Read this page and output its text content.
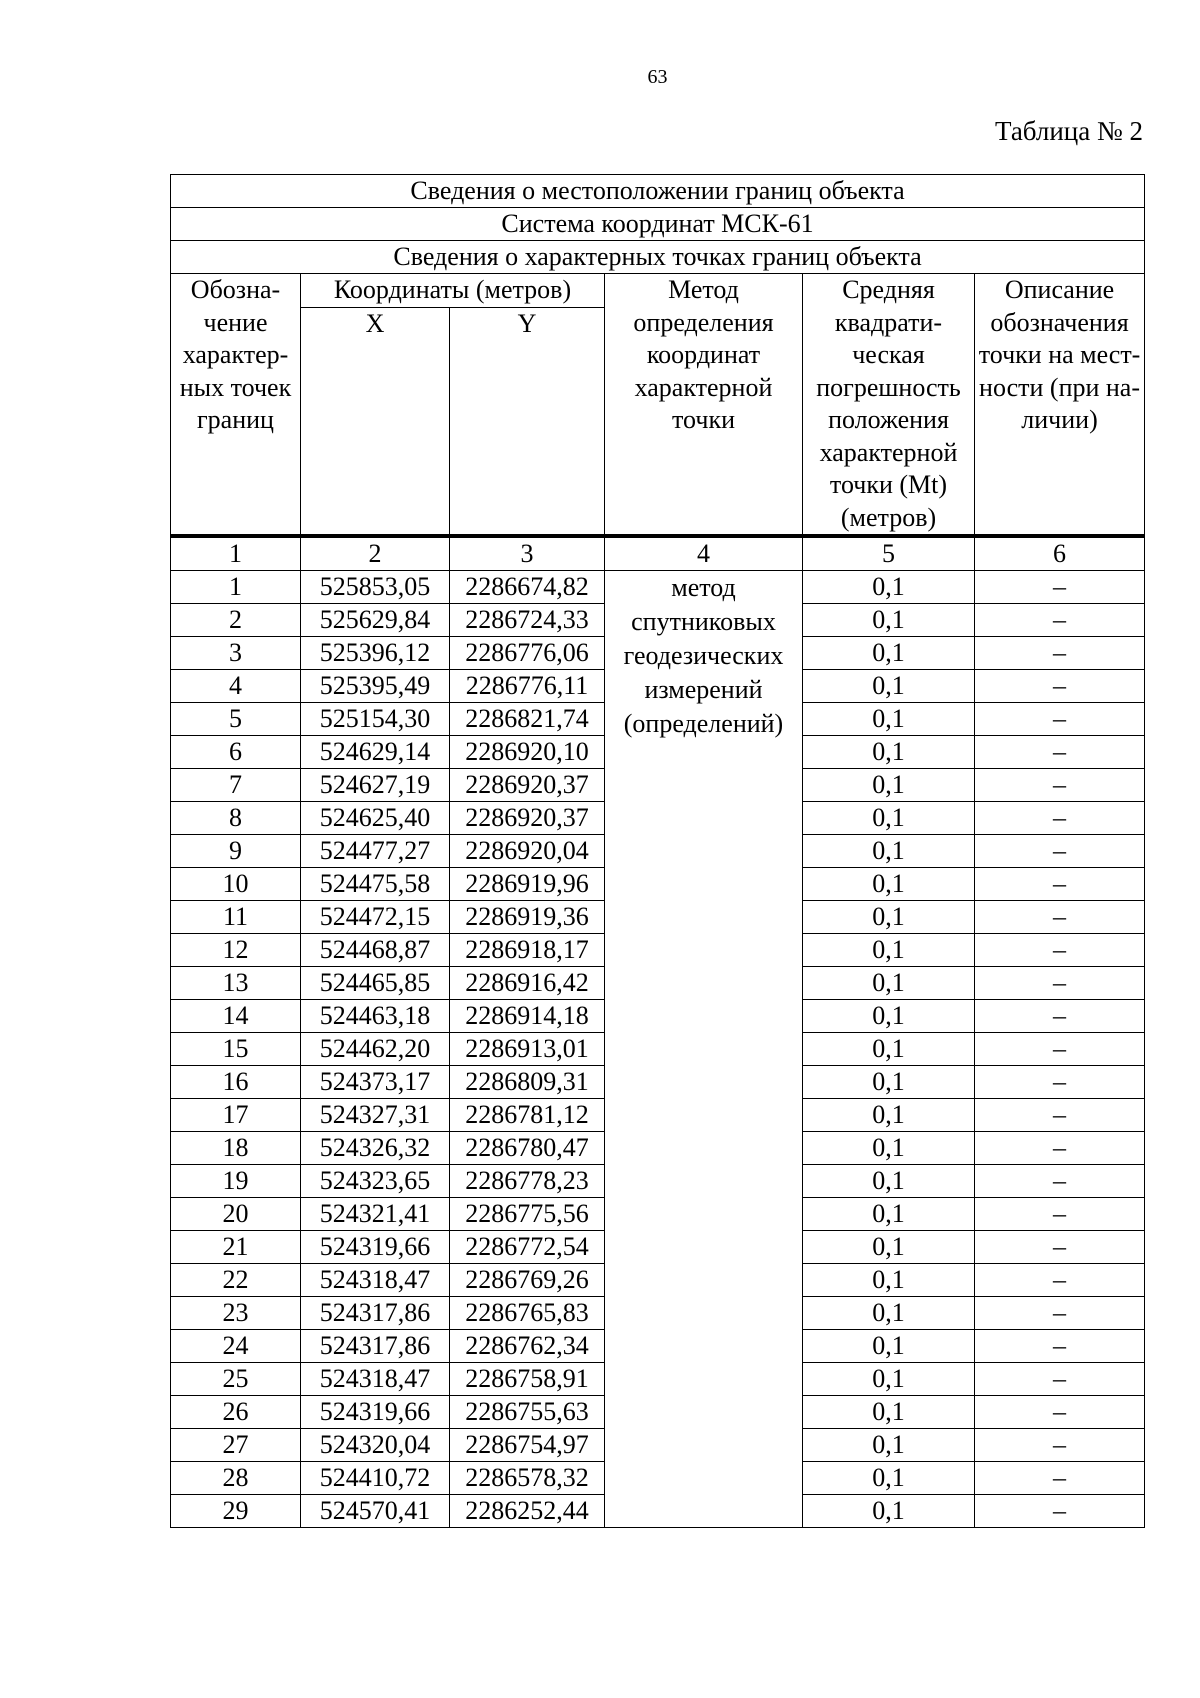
63
Таблица № 2
Сведения о местоположении границ объекта					
Система координат МСК-61					
Сведения о характерных точках границ объекта					
Обозна- чение характер- ных точек границ	Координаты (метров)		Метод определения координат характерной точки	Средняя квадрати- ческая погрешность положения характерной точки (Mt) (метров)	Описание обозначения точки на мест- ности (при на- личии)
	X	Y			
1	2	3	4	5	6
1	525853,05	2286674,82	метод спутниковых геодезических измерений (определений)	0,1	–
2	525629,84	2286724,33		0,1	–
3	525396,12	2286776,06		0,1	–
4	525395,49	2286776,11		0,1	–
5	525154,30	2286821,74		0,1	–
6	524629,14	2286920,10		0,1	–
7	524627,19	2286920,37		0,1	–
8	524625,40	2286920,37		0,1	–
9	524477,27	2286920,04		0,1	–
10	524475,58	2286919,96		0,1	–
11	524472,15	2286919,36		0,1	–
12	524468,87	2286918,17		0,1	–
13	524465,85	2286916,42		0,1	–
14	524463,18	2286914,18		0,1	–
15	524462,20	2286913,01		0,1	–
16	524373,17	2286809,31		0,1	–
17	524327,31	2286781,12		0,1	–
18	524326,32	2286780,47		0,1	–
19	524323,65	2286778,23		0,1	–
20	524321,41	2286775,56		0,1	–
21	524319,66	2286772,54		0,1	–
22	524318,47	2286769,26		0,1	–
23	524317,86	2286765,83		0,1	–
24	524317,86	2286762,34		0,1	–
25	524318,47	2286758,91		0,1	–
26	524319,66	2286755,63		0,1	–
27	524320,04	2286754,97		0,1	–
28	524410,72	2286578,32		0,1	–
29	524570,41	2286252,44		0,1	–
